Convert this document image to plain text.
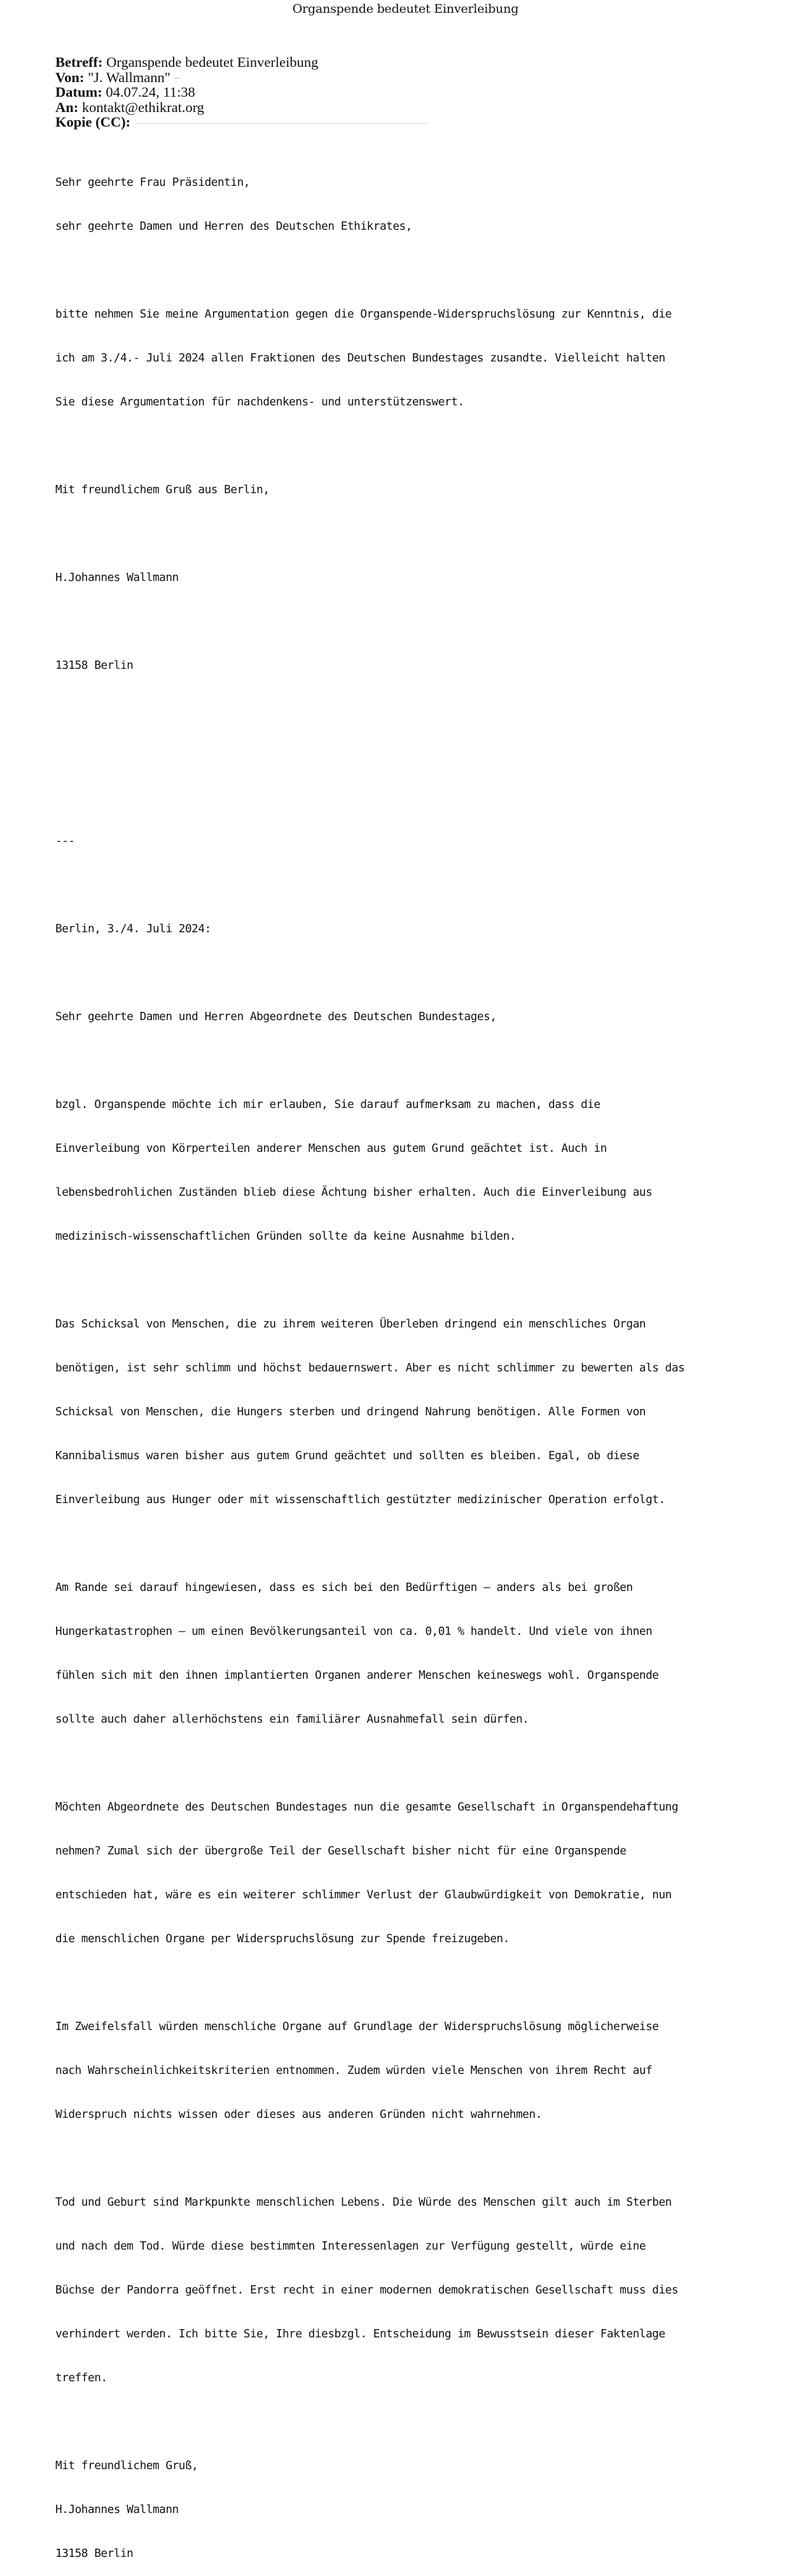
Organspende bedeutet Einverleibung
Betreff: Organspende bedeutet Einverleibung
Von: "J. Wallmann"
Datum: 04.07.24, 11:38
An: kontakt@ethikrat.org
Kopie (CC):

Sehr geehrte Frau Präsidentin,

sehr geehrte Damen und Herren des Deutschen Ethikrates,

bitte nehmen Sie meine Argumentation gegen die Organspende-Widerspruchslösung zur Kenntnis, die

ich am 3./4.- Juli 2024 allen Fraktionen des Deutschen Bundestages zusandte. Vielleicht halten

Sie diese Argumentation für nachdenkens- und unterstützenswert.

Mit freundlichem Gruß aus Berlin,

H.Johannes Wallmann

13158 Berlin

---

Berlin, 3./4. Juli 2024:

Sehr geehrte Damen und Herren Abgeordnete des Deutschen Bundestages,

bzgl. Organspende möchte ich mir erlauben, Sie darauf aufmerksam zu machen, dass die

Einverleibung von Körperteilen anderer Menschen aus gutem Grund geächtet ist. Auch in

lebensbedrohlichen Zuständen blieb diese Ächtung bisher erhalten. Auch die Einverleibung aus

medizinisch-wissenschaftlichen Gründen sollte da keine Ausnahme bilden.

Das Schicksal von Menschen, die zu ihrem weiteren Überleben dringend ein menschliches Organ

benötigen, ist sehr schlimm und höchst bedauernswert. Aber es nicht schlimmer zu bewerten als das

Schicksal von Menschen, die Hungers sterben und dringend Nahrung benötigen. Alle Formen von

Kannibalismus waren bisher aus gutem Grund geächtet und sollten es bleiben. Egal, ob diese

Einverleibung aus Hunger oder mit wissenschaftlich gestützter medizinischer Operation erfolgt.

Am Rande sei darauf hingewiesen, dass es sich bei den Bedürftigen – anders als bei großen

Hungerkatastrophen – um einen Bevölkerungsanteil von ca. 0,01 % handelt. Und viele von ihnen

fühlen sich mit den ihnen implantierten Organen anderer Menschen keineswegs wohl. Organspende

sollte auch daher allerhöchstens ein familiärer Ausnahmefall sein dürfen.

Möchten Abgeordnete des Deutschen Bundestages nun die gesamte Gesellschaft in Organspendehaftung

nehmen? Zumal sich der übergroße Teil der Gesellschaft bisher nicht für eine Organspende

entschieden hat, wäre es ein weiterer schlimmer Verlust der Glaubwürdigkeit von Demokratie, nun

die menschlichen Organe per Widerspruchslösung zur Spende freizugeben.

Im Zweifelsfall würden menschliche Organe auf Grundlage der Widerspruchslösung möglicherweise

nach Wahrscheinlichkeitskriterien entnommen. Zudem würden viele Menschen von ihrem Recht auf

Widerspruch nichts wissen oder dieses aus anderen Gründen nicht wahrnehmen.

Tod und Geburt sind Markpunkte menschlichen Lebens. Die Würde des Menschen gilt auch im Sterben

und nach dem Tod. Würde diese bestimmten Interessenlagen zur Verfügung gestellt, würde eine

Büchse der Pandorra geöffnet. Erst recht in einer modernen demokratischen Gesellschaft muss dies

verhindert werden. Ich bitte Sie, Ihre diesbzgl. Entscheidung im Bewusstsein dieser Faktenlage

treffen.

Mit freundlichem Gruß,

H.Johannes Wallmann

13158 Berlin
